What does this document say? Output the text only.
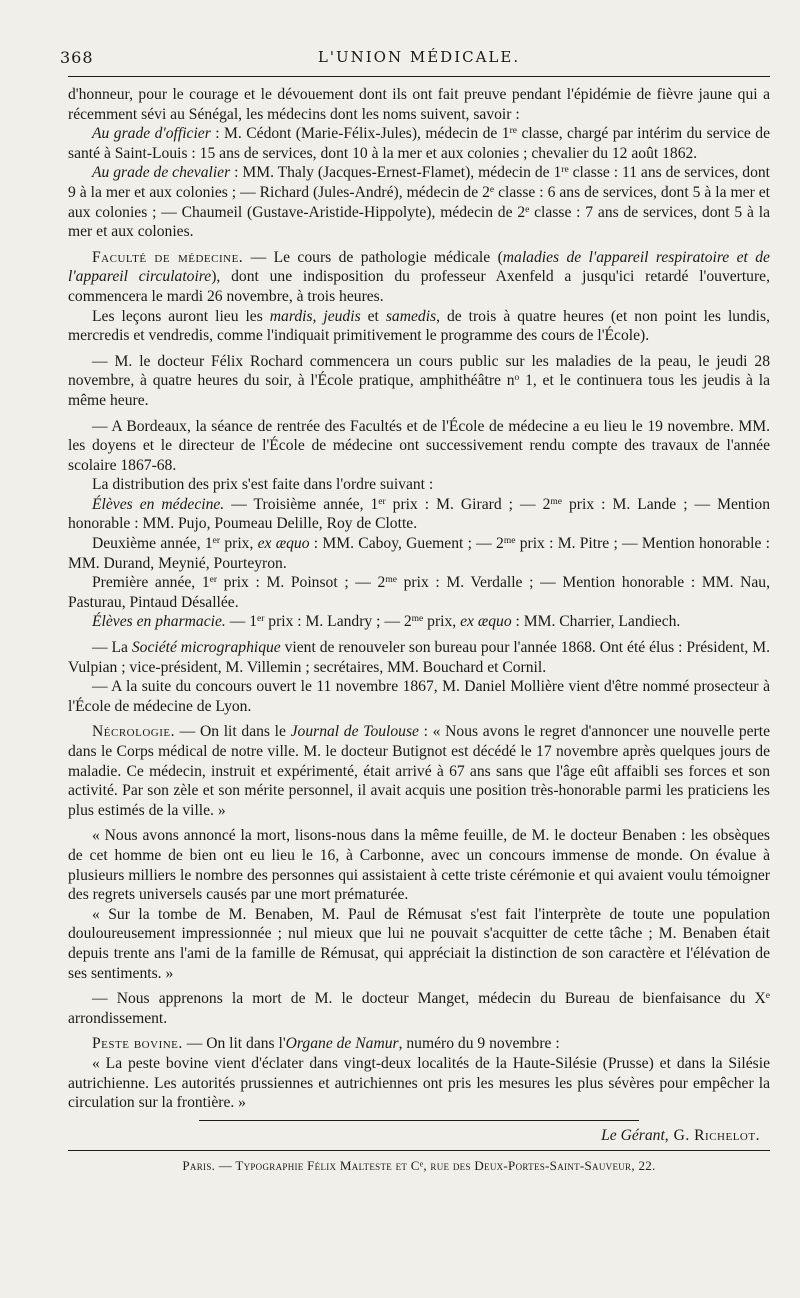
368	L'UNION MÉDICALE.

d'honneur, pour le courage et le dévouement dont ils ont fait preuve pendant l'épidémie de fièvre jaune qui a récemment sévi au Sénégal, les médecins dont les noms suivent, savoir :

Au grade d'officier : M. Cédont (Marie-Félix-Jules), médecin de 1re classe, chargé par intérim du service de santé à Saint-Louis : 15 ans de services, dont 10 à la mer et aux colonies ; chevalier du 12 août 1862.

Au grade de chevalier : MM. Thaly (Jacques-Ernest-Flamet), médecin de 1re classe : 11 ans de services, dont 9 à la mer et aux colonies ; — Richard (Jules-André), médecin de 2e classe : 6 ans de services, dont 5 à la mer et aux colonies ; — Chaumeil (Gustave-Aristide-Hippolyte), médecin de 2e classe : 7 ans de services, dont 5 à la mer et aux colonies.

Faculté de médecine. — Le cours de pathologie médicale (maladies de l'appareil respiratoire et de l'appareil circulatoire), dont une indisposition du professeur Axenfeld a jusqu'ici retardé l'ouverture, commencera le mardi 26 novembre, à trois heures.

Les leçons auront lieu les mardis, jeudis et samedis, de trois à quatre heures (et non point les lundis, mercredis et vendredis, comme l'indiquait primitivement le programme des cours de l'École).

— M. le docteur Félix Rochard commencera un cours public sur les maladies de la peau, le jeudi 28 novembre, à quatre heures du soir, à l'École pratique, amphithéâtre $n^o$ 1, et le continuera tous les jeudis à la même heure.

— A Bordeaux, la séance de rentrée des Facultés et de l'École de médecine a eu lieu le 19 novembre. MM. les doyens et le directeur de l'École de médecine ont successivement rendu compte des travaux de l'année scolaire 1867-68.

La distribution des prix s'est faite dans l'ordre suivant :

Élèves en médecine. — Troisième année, 1er prix : M. Girard ; — $2^{me}$ prix : M. Lande ; — Mention honorable : MM. Pujo, Poumeau Delille, Roy de Clotte.

Deuxième année, 1er prix, ex æquo : MM. Caboy, Guement ; — $2^{me}$ prix : M. Pitre ; — Mention honorable : MM. Durand, Meynié, Pourteyron.

Première année, 1er prix : M. Poinsot ; — $2^{me}$ prix : M. Verdalle ; — Mention honorable : MM. Nau, Pasturau, Pintaud Désallée.

Élèves en pharmacie. — 1er prix : M. Landry ; — $2^{me}$ prix, ex æquo : MM. Charrier, Landiech.

— La Société micrographique vient de renouveler son bureau pour l'année 1868. Ont été élus : Président, M. Vulpian ; vice-président, M. Villemin ; secrétaires, MM. Bouchard et Cornil.

— A la suite du concours ouvert le 11 novembre 1867, M. Daniel Mollière vient d'être nommé prosecteur à l'École de médecine de Lyon.

Nécrologie. — On lit dans le Journal de Toulouse : « Nous avons le regret d'annoncer une nouvelle perte dans le Corps médical de notre ville. M. le docteur Butignot est décédé le 17 novembre après quelques jours de maladie. Ce médecin, instruit et expérimenté, était arrivé à 67 ans sans que l'âge eût affaibli ses forces et son activité. Par son zèle et son mérite personnel, il avait acquis une position très-honorable parmi les praticiens les plus estimés de la ville. »

« Nous avons annoncé la mort, lisons-nous dans la même feuille, de M. le docteur Benaben : les obsèques de cet homme de bien ont eu lieu le 16, à Carbonne, avec un concours immense de monde. On évalue à plusieurs milliers le nombre des personnes qui assistaient à cette triste cérémonie et qui avaient voulu témoigner des regrets universels causés par une mort prématurée.

« Sur la tombe de M. Benaben, M. Paul de Rémusat s'est fait l'interprète de toute une population douloureusement impressionnée ; nul mieux que lui ne pouvait s'acquitter de cette tâche ; M. Benaben était depuis trente ans l'ami de la famille de Rémusat, qui appréciait la distinction de son caractère et l'élévation de ses sentiments. »

— Nous apprenons la mort de M. le docteur Manget, médecin du Bureau de bienfaisance du Xe arrondissement.

Peste bovine. — On lit dans l'Organe de Namur, numéro du 9 novembre :

« La peste bovine vient d'éclater dans vingt-deux localités de la Haute-Silésie (Prusse) et dans la Silésie autrichienne. Les autorités prussiennes et autrichiennes ont pris les mesures les plus sévères pour empêcher la circulation sur la frontière. »

Le Gérant, G. Richelot.
Paris. — Typographie Félix Malteste et Cᵉ, rue des Deux-Portes-Saint-Sauveur, 22.
